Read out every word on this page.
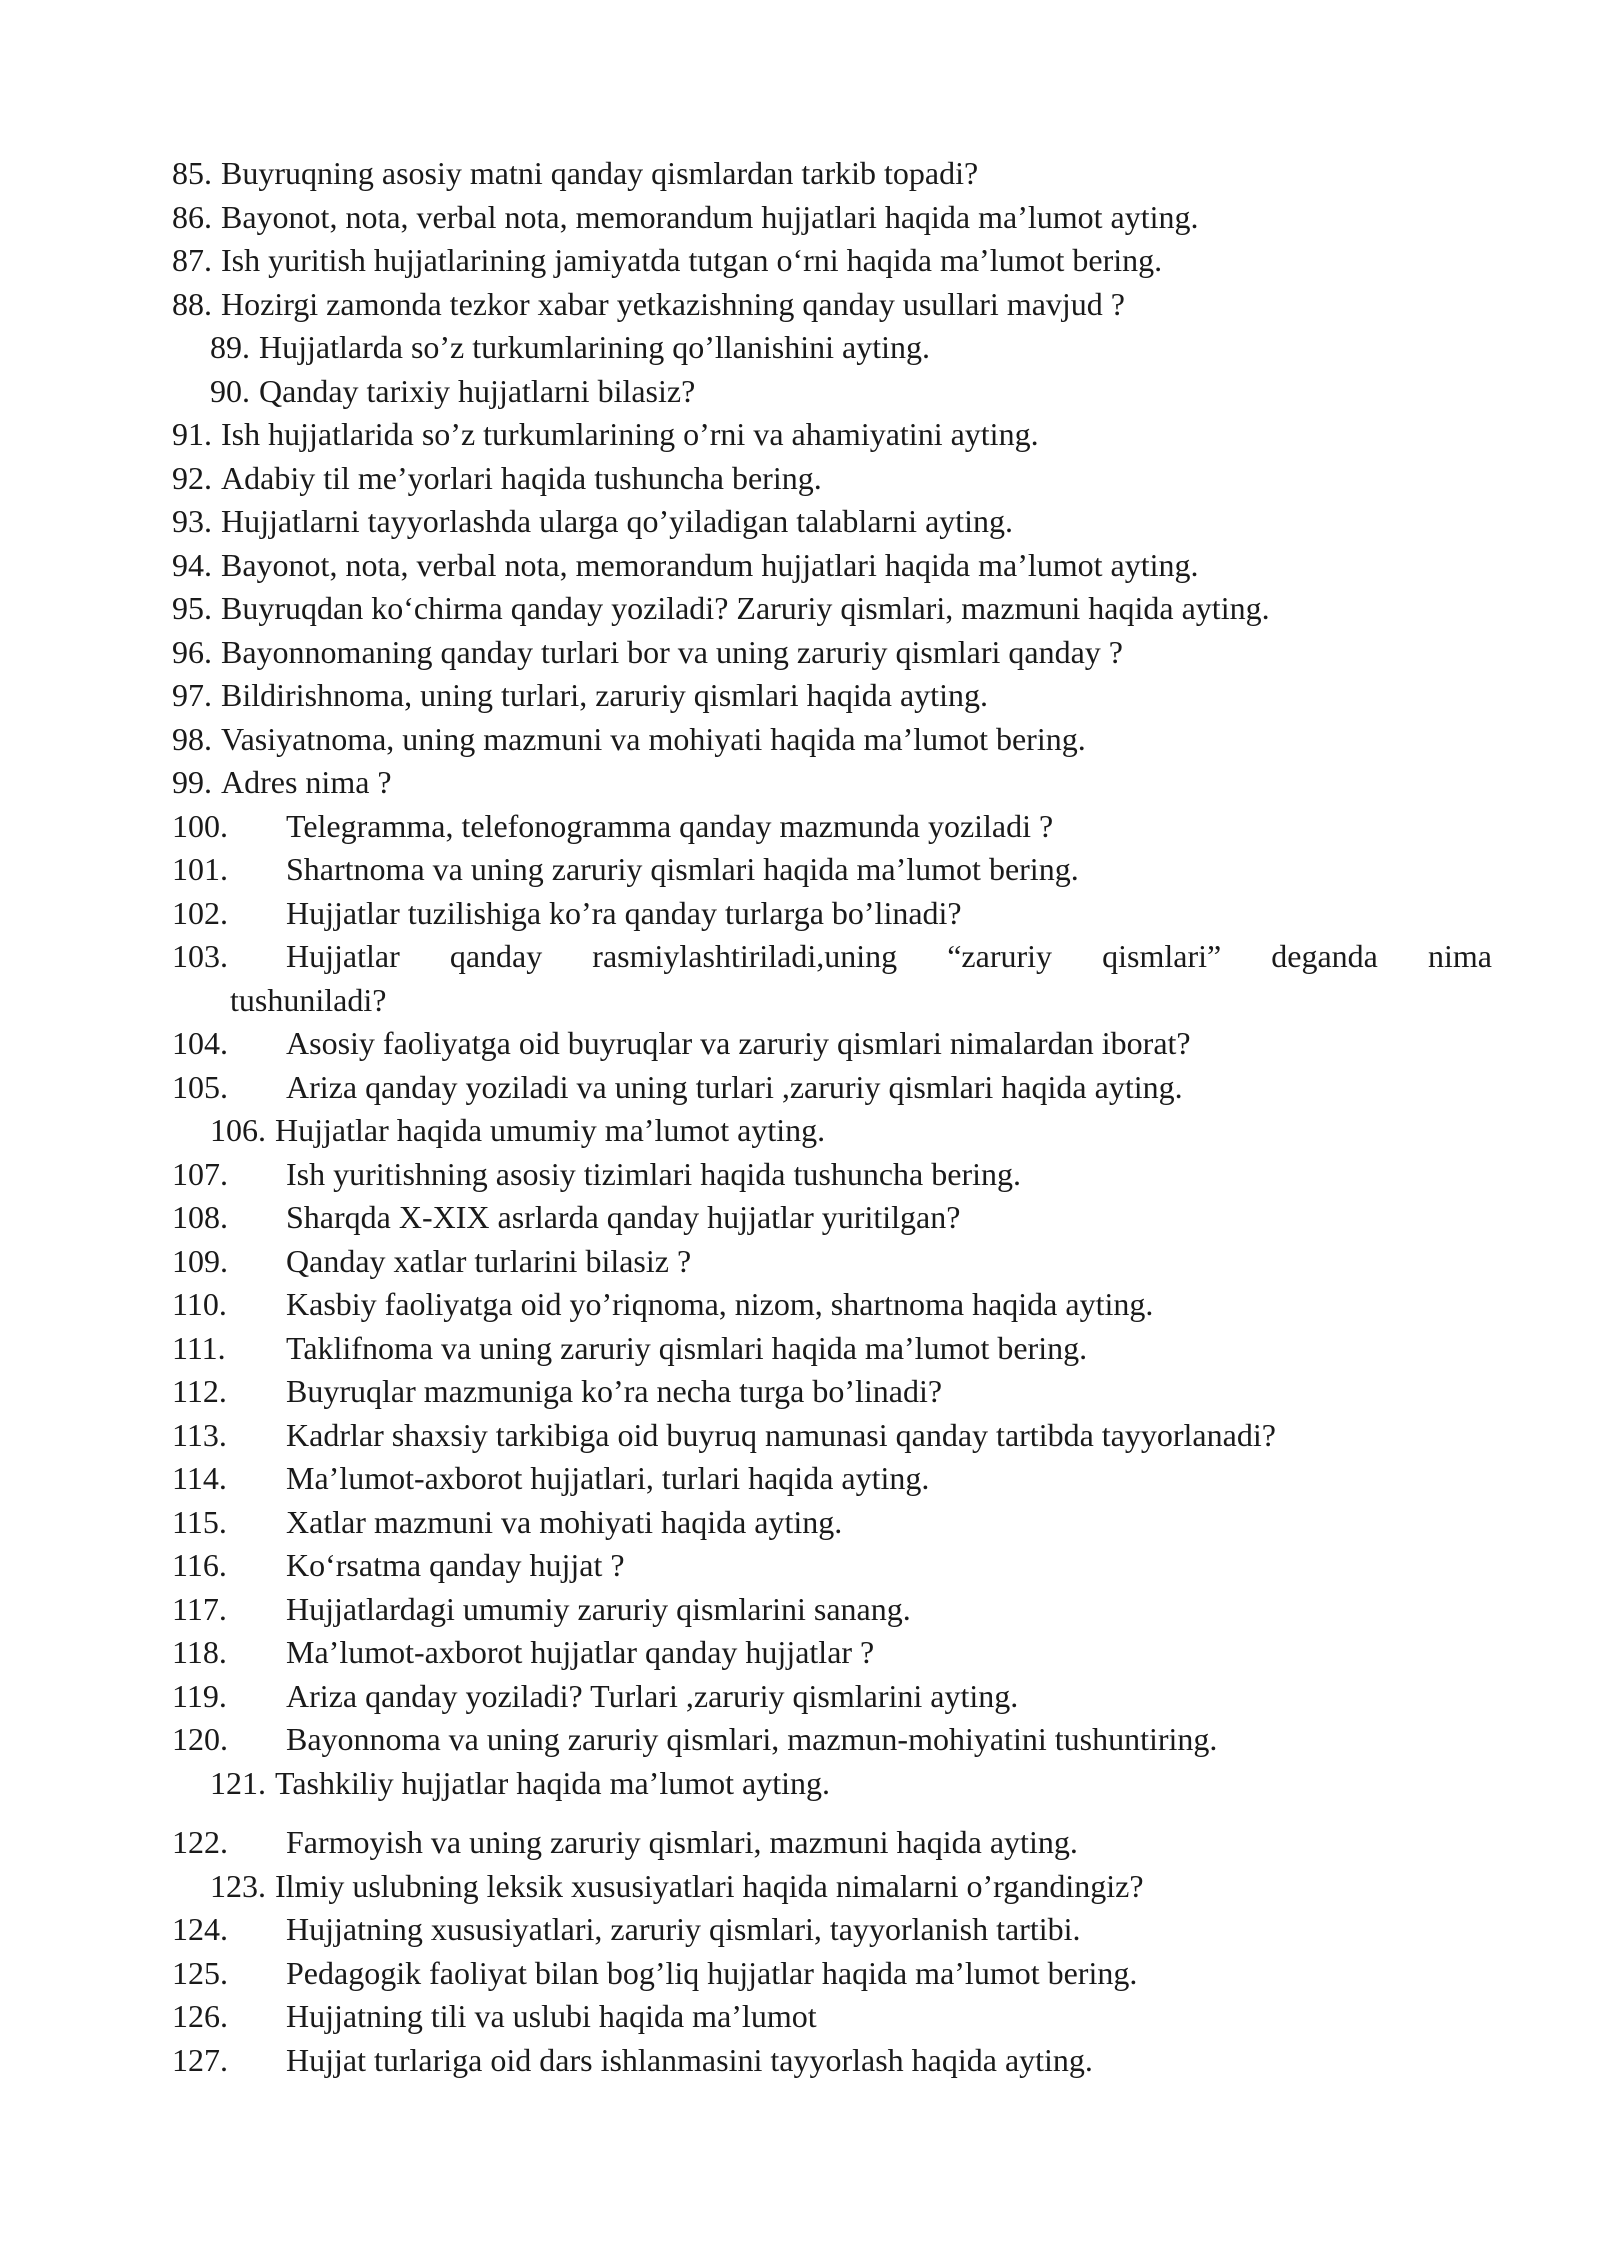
85. Buyruqning asosiy matni qanday qismlardan tarkib topadi?
86. Bayonot, nota, verbal nota, memorandum hujjatlari haqida ma’lumot ayting.
87. Ish yuritish hujjatlarining jamiyatda tutgan o‘rni haqida ma’lumot bering.
88. Hozirgi zamonda tezkor xabar yetkazishning qanday usullari mavjud ?
89. Hujjatlarda so’z turkumlarining qo’llanishini ayting.
90. Qanday tarixiy hujjatlarni bilasiz?
91. Ish hujjatlarida so’z turkumlarining o’rni va ahamiyatini ayting.
92. Adabiy til me’yorlari haqida tushuncha bering.
93. Hujjatlarni tayyorlashda ularga qo’yiladigan talablarni ayting.
94. Bayonot, nota, verbal nota, memorandum hujjatlari haqida ma’lumot ayting.
95. Buyruqdan ko‘chirma qanday yoziladi? Zaruriy qismlari, mazmuni haqida ayting.
96. Bayonnomaning qanday turlari bor va uning zaruriy qismlari qanday ?
97. Bildirishnoma, uning turlari, zaruriy qismlari haqida ayting.
98. Vasiyatnoma, uning mazmuni va mohiyati haqida ma’lumot bering.
99. Adres nima ?
100. Telegramma, telefonogramma qanday mazmunda yoziladi ?
101. Shartnoma va uning zaruriy qismlari haqida ma’lumot bering.
102. Hujjatlar tuzilishiga ko’ra qanday turlarga bo’linadi?
103.	Hujjatlar qanday rasmiylashtiriladi,uning “zaruriy qismlari” deganda nima
tushuniladi?
104. Asosiy faoliyatga oid buyruqlar va zaruriy qismlari nimalardan iborat?
105. Ariza qanday yoziladi va uning turlari ,zaruriy qismlari haqida ayting.
106. Hujjatlar haqida umumiy ma’lumot ayting.
107. Ish yuritishning asosiy tizimlari haqida tushuncha bering.
108. Sharqda X-XIX asrlarda qanday hujjatlar yuritilgan?
109. Qanday xatlar turlarini bilasiz ?
110. Kasbiy faoliyatga oid yo’riqnoma, nizom, shartnoma haqida ayting.
111. Taklifnoma va uning zaruriy qismlari haqida ma’lumot bering.
112. Buyruqlar mazmuniga ko’ra necha turga bo’linadi?
113. Kadrlar shaxsiy tarkibiga oid buyruq namunasi qanday tartibda tayyorlanadi?
114. Ma’lumot-axborot hujjatlari, turlari haqida ayting.
115. Xatlar mazmuni va mohiyati haqida ayting.
116. Ko‘rsatma qanday hujjat ?
117. Hujjatlardagi umumiy zaruriy qismlarini sanang.
118. Ma’lumot-axborot hujjatlar qanday hujjatlar ?
119. Ariza qanday yoziladi? Turlari ,zaruriy qismlarini ayting.
120. Bayonnoma va uning zaruriy qismlari, mazmun-mohiyatini tushuntiring.
121. Tashkiliy hujjatlar haqida ma’lumot ayting.
122. Farmoyish va uning zaruriy qismlari, mazmuni haqida ayting.
123. Ilmiy uslubning leksik xususiyatlari haqida nimalarni o’rgandingiz?
124. Hujjatning xususiyatlari, zaruriy qismlari, tayyorlanish tartibi.
125. Pedagogik faoliyat bilan bog’liq hujjatlar haqida ma’lumot bering.
126. Hujjatning tili va uslubi haqida ma’lumot
127. Hujjat turlariga oid dars ishlanmasini tayyorlash haqida ayting.
